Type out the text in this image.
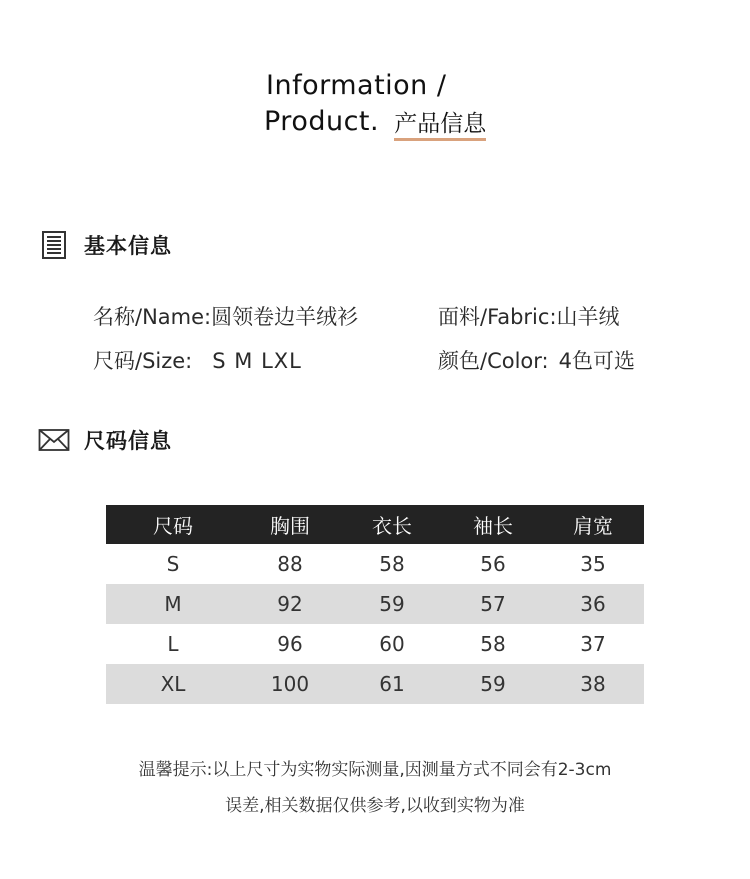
Information /
Product. 产品信息
基本信息
名称/Name:圆领卷边羊绒衫	面料/Fabric:山羊绒
尺码/Size: S M LXL	颜色/Color: 4色可选
尺码信息
尺码	胸围	衣长	袖长	肩宽
S	88	58	56	35
M	92	59	57	36
L	96	60	58	37
XL	100	61	59	38
温馨提示:以上尺寸为实物实际测量,因测量方式不同会有2-3cm
误差,相关数据仅供参考,以收到实物为准
